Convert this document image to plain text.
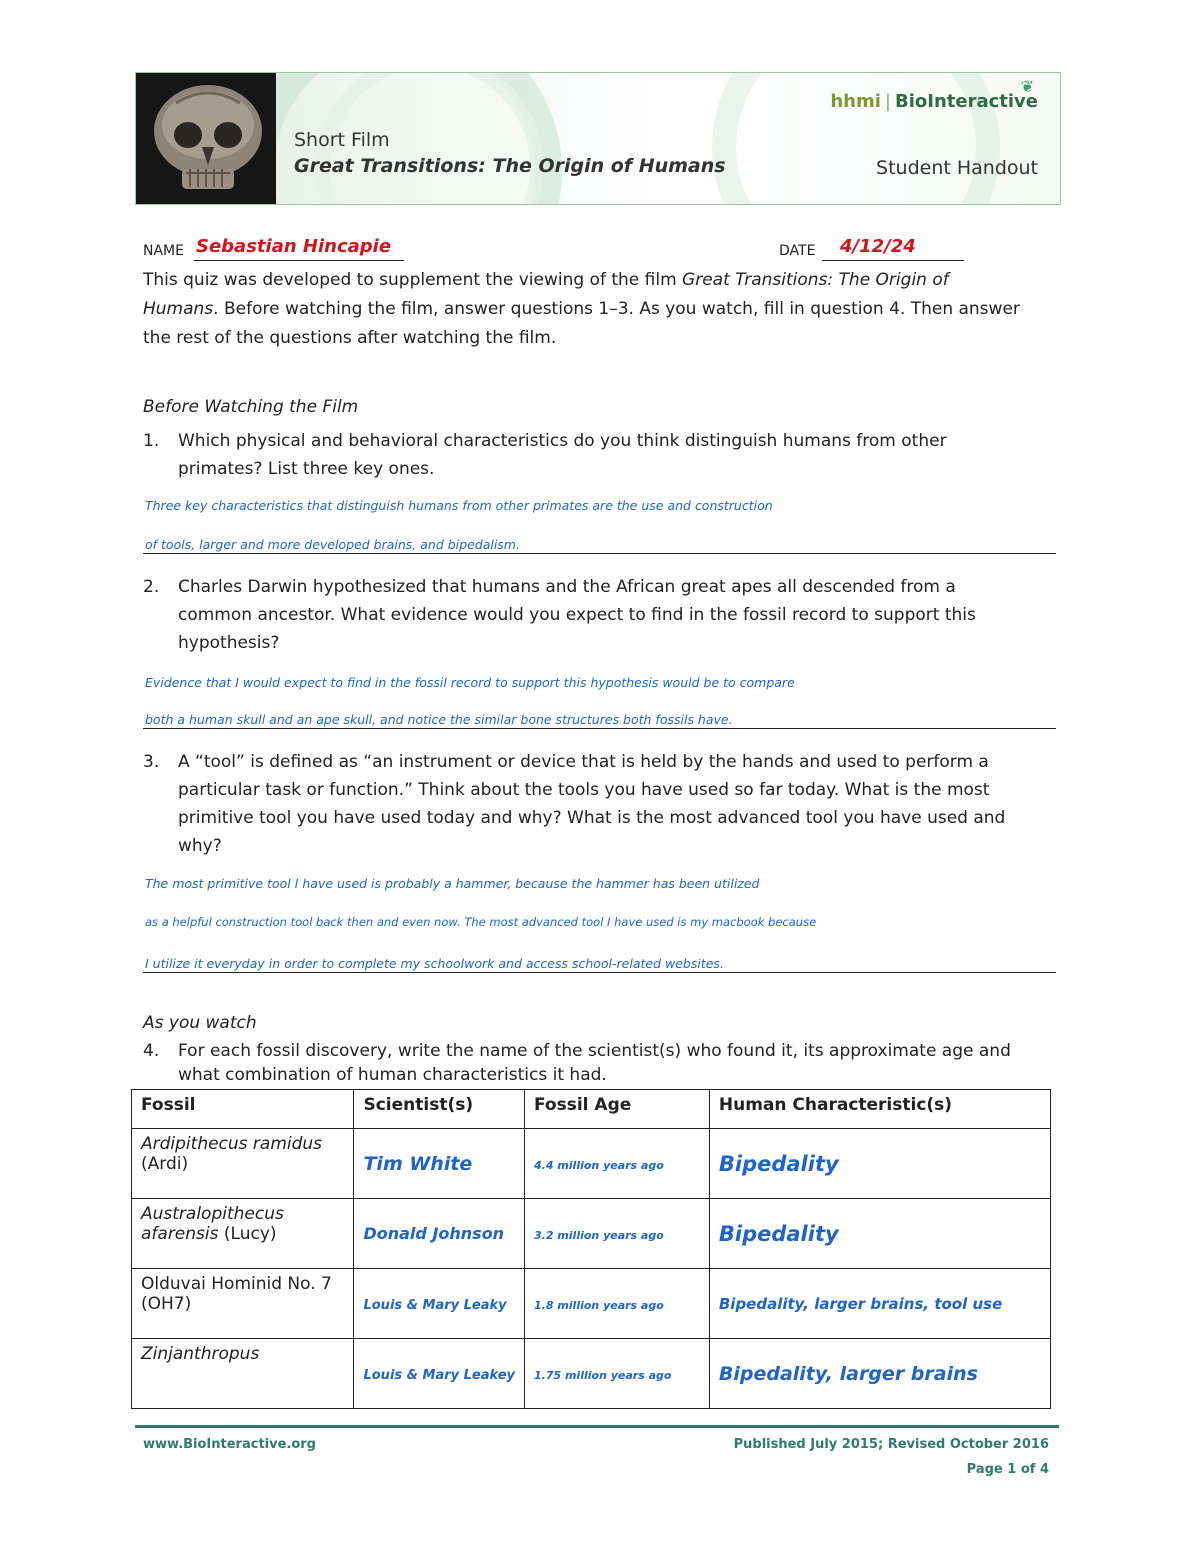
❦
hhmi | BioInteractive
Short Film
Great Transitions: The Origin of Humans	Student Handout
NAME Sebastian Hincapie	DATE 4/12/24
This quiz was developed to supplement the viewing of the film Great Transitions: The Origin of
Humans. Before watching the film, answer questions 1–3. As you watch, fill in question 4. Then answer
the rest of the questions after watching the film.
Before Watching the Film
1. Which physical and behavioral characteristics do you think distinguish humans from other
primates? List three key ones.
Three key characteristics that distinguish humans from other primates are the use and construction
of tools, larger and more developed brains, and bipedalism.
2. Charles Darwin hypothesized that humans and the African great apes all descended from a
common ancestor. What evidence would you expect to find in the fossil record to support this
hypothesis?
Evidence that I would expect to find in the fossil record to support this hypothesis would be to compare
both a human skull and an ape skull, and notice the similar bone structures both fossils have.
3. A “tool” is defined as “an instrument or device that is held by the hands and used to perform a
particular task or function.” Think about the tools you have used so far today. What is the most
primitive tool you have used today and why? What is the most advanced tool you have used and
why?
The most primitive tool I have used is probably a hammer, because the hammer has been utilized
as a helpful construction tool back then and even now. The most advanced tool I have used is my macbook because
I utilize it everyday in order to complete my schoolwork and access school-related websites.
As you watch
4. For each fossil discovery, write the name of the scientist(s) who found it, its approximate age and
what combination of human characteristics it had.
Fossil	Scientist(s)	Fossil Age	Human Characteristic(s)
Ardipithecus ramidus
(Ardi)	Tim White	4.4 million years ago	Bipedality
Australopithecus
afarensis (Lucy)	Donald Johnson	3.2 million years ago	Bipedality
Olduvai Hominid No. 7
(OH7)	Louis & Mary Leaky	1.8 million years ago	Bipedality, larger brains, tool use
Zinjanthropus	Louis & Mary Leakey	1.75 million years ago	Bipedality, larger brains
www.BioInteractive.org	Published July 2015; Revised October 2016
Page 1 of 4
